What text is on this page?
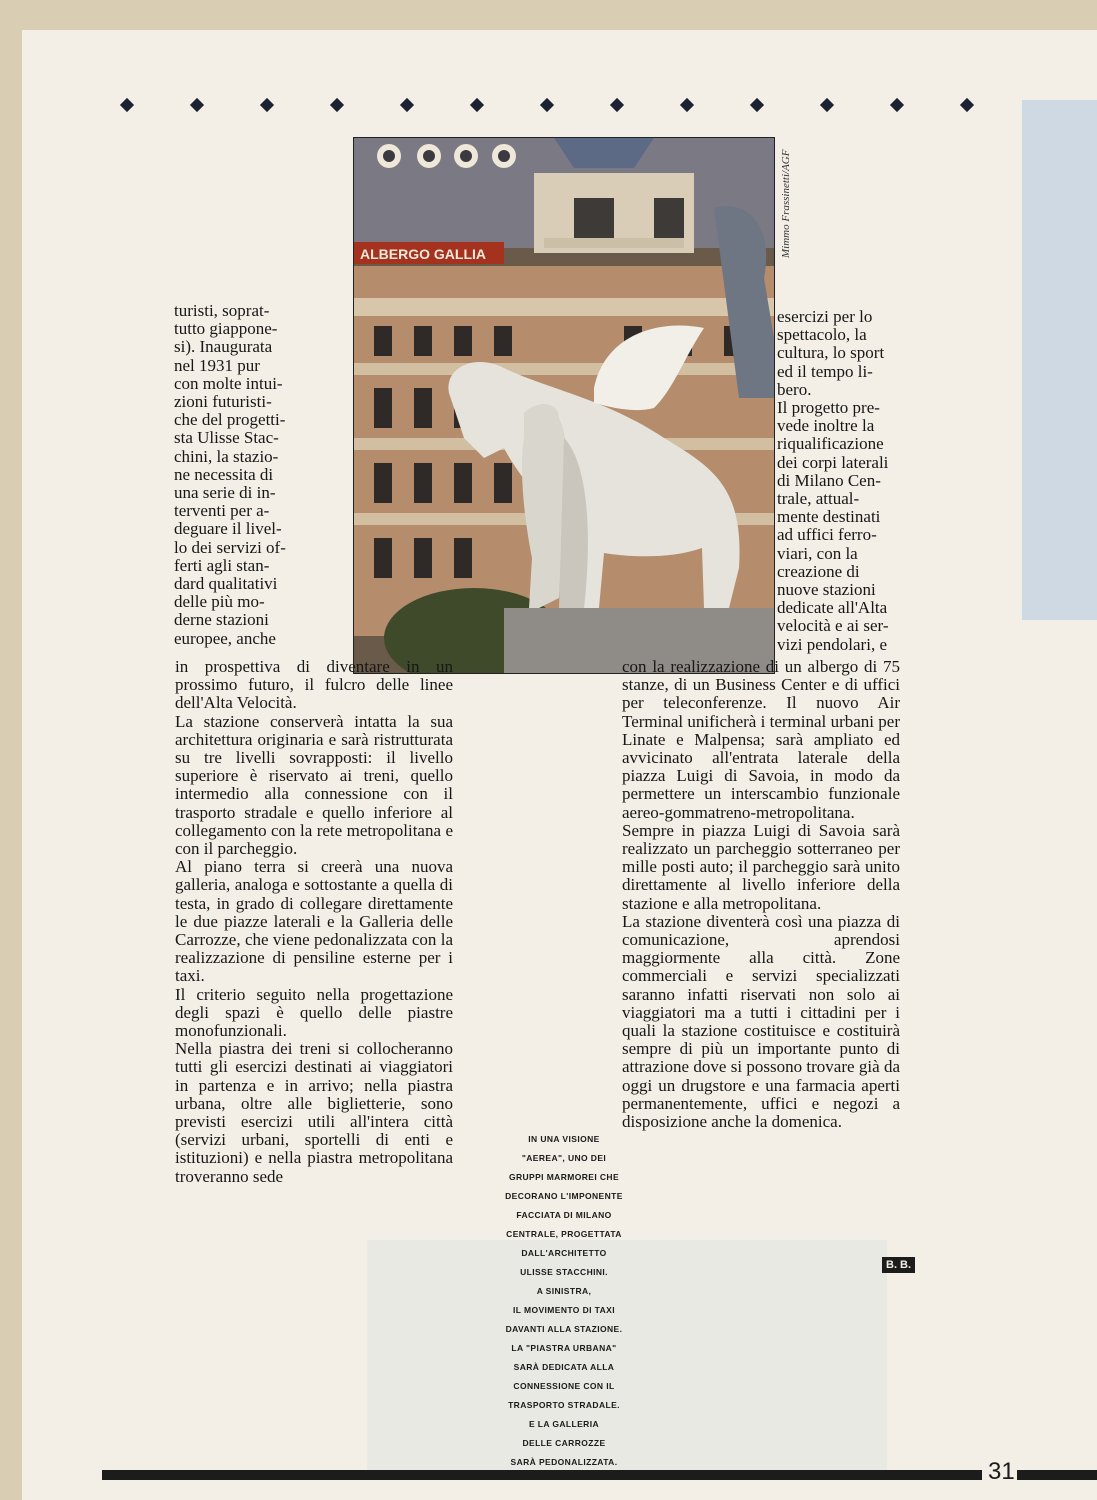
ALBERGO GALLIA	Mimmo Frassinetti/AGF

turisti, soprat-

tutto giappone-

si). Inaugurata

nel 1931 pur

con molte intui-

zioni futuristi-

che del progetti-

sta Ulisse Stac-

chini, la stazio-

ne necessita di

una serie di in-

terventi per a-

deguare il livel-

lo dei servizi of-

ferti agli stan-

dard qualitativi

delle più mo-

derne stazioni

europee, anche

in prospettiva di diventare in un prossimo futuro, il fulcro delle linee dell'Alta Velocità.

La stazione conserverà intatta la sua architettura originaria e sarà ristrutturata su tre livelli sovrapposti: il livello superiore è riservato ai treni, quello intermedio alla connessione con il trasporto stradale e quello inferiore al collegamento con la rete metropolitana e con il parcheggio.

Al piano terra si creerà una nuova galleria, analoga e sottostante a quella di testa, in grado di collegare direttamente le due piazze laterali e la Galleria delle Carrozze, che viene pedonalizzata con la realizzazione di pensiline esterne per i taxi.

Il criterio seguito nella progettazione degli spazi è quello delle piastre monofunzionali.

Nella piastra dei treni si collocheranno tutti gli esercizi destinati ai viaggiatori in partenza e in arrivo; nella piastra urbana, oltre alle biglietterie, sono previsti esercizi utili all'intera città (servizi urbani, sportelli di enti e istituzioni) e nella piastra metropolitana troveranno sede

esercizi per lo

spettacolo, la

cultura, lo sport

ed il tempo li-

bero.

Il progetto pre-

vede inoltre la

riqualificazione

dei corpi laterali

di Milano Cen-

trale, attual-

mente destinati

ad uffici ferro-

viari, con la

creazione di

nuove stazioni

dedicate all'Alta

velocità e ai ser-

vizi pendolari, e

con la realizzazione di un albergo di 75 stanze, di un Business Center e di uffici per teleconferenze. Il nuovo Air Terminal unificherà i terminal urbani per Linate e Malpensa; sarà ampliato ed avvicinato all'entrata laterale della piazza Luigi di Savoia, in modo da permettere un interscambio funzionale aereo-gommatreno-metropolitana.

Sempre in piazza Luigi di Savoia sarà realizzato un parcheggio sotterraneo per mille posti auto; il parcheggio sarà unito direttamente al livello inferiore della stazione e alla metropolitana.

La stazione diventerà così una piazza di comunicazione, aprendosi maggiormente alla città. Zone commerciali e servizi specializzati saranno infatti riservati non solo ai viaggiatori ma a tutti i cittadini per i quali la stazione costituisce e costituirà sempre di più un importante punto di attrazione dove si possono trovare già da oggi un drugstore e una farmacia aperti permanentemente, uffici e negozi a disposizione anche la domenica.

IN UNA VISIONE
"AEREA", UNO DEI
GRUPPI MARMOREI CHE
DECORANO L'IMPONENTE
FACCIATA DI MILANO
CENTRALE, PROGETTATA
DALL'ARCHITETTO
ULISSE STACCHINI.
A SINISTRA,
IL MOVIMENTO DI TAXI
DAVANTI ALLA STAZIONE.
LA "PIASTRA URBANA"
SARÀ DEDICATA ALLA
CONNESSIONE CON IL
TRASPORTO STRADALE.
E LA GALLERIA
DELLE CARROZZE
SARÀ PEDONALIZZATA.
B. B.
31
